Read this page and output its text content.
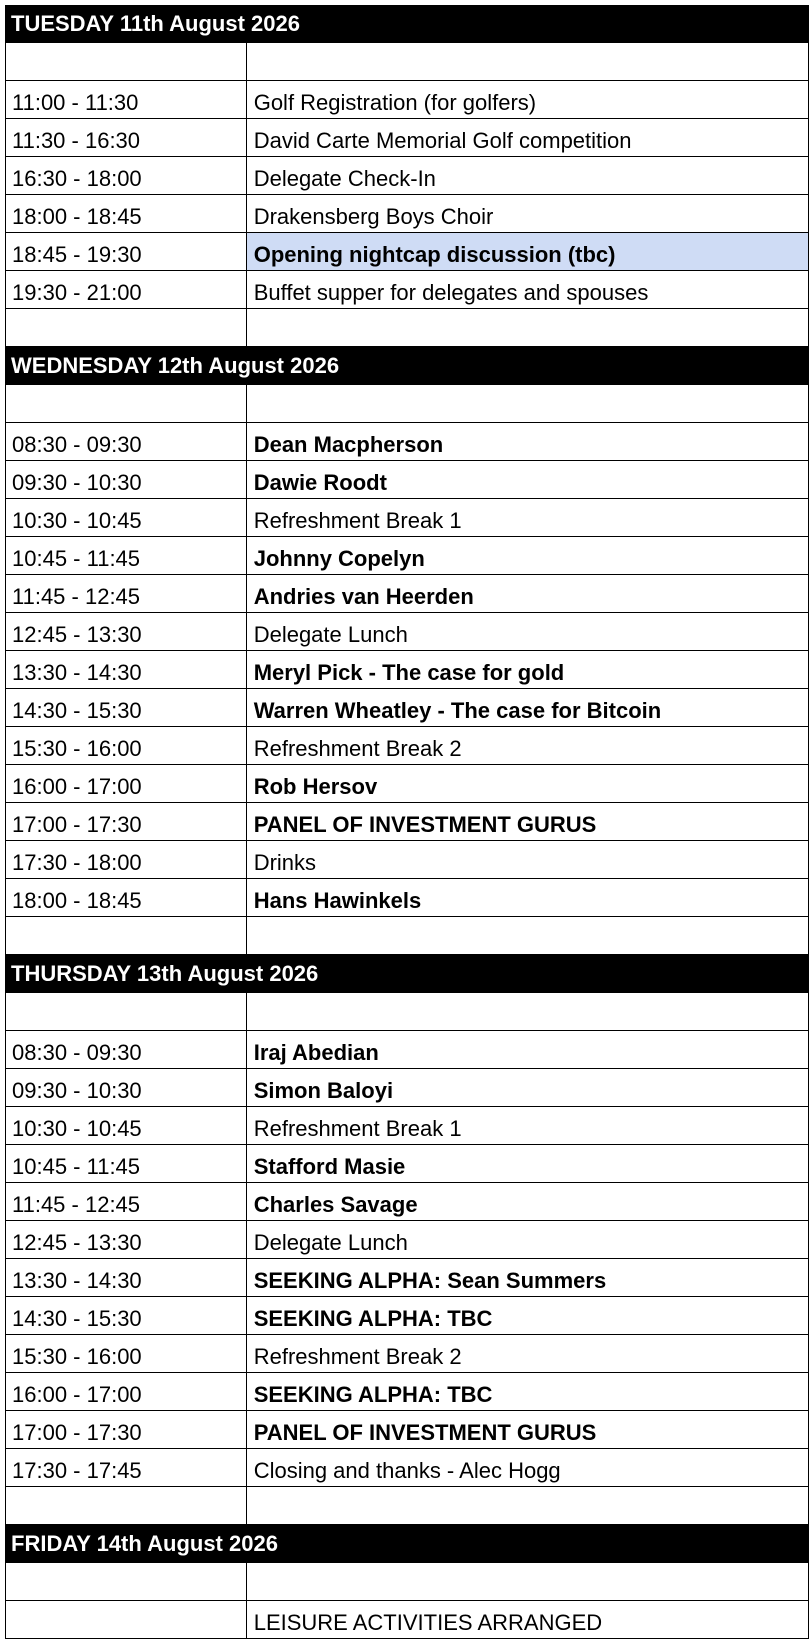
TUESDAY 11th August 2026
11:00 - 11:30	Golf Registration (for golfers)
11:30 - 16:30	David Carte Memorial Golf competition
16:30 - 18:00	Delegate Check-In
18:00 - 18:45	Drakensberg Boys Choir
18:45 - 19:30	Opening nightcap discussion (tbc)
19:30 - 21:00	Buffet supper for delegates and spouses
WEDNESDAY 12th August 2026
08:30 - 09:30	Dean Macpherson
09:30 - 10:30	Dawie Roodt
10:30 - 10:45	Refreshment Break 1
10:45 - 11:45	Johnny Copelyn
11:45 - 12:45	Andries van Heerden
12:45 - 13:30	Delegate Lunch
13:30 - 14:30	Meryl Pick - The case for gold
14:30 - 15:30	Warren Wheatley - The case for Bitcoin
15:30 - 16:00	Refreshment Break 2
16:00 - 17:00	Rob Hersov
17:00 - 17:30	PANEL OF INVESTMENT GURUS
17:30 - 18:00	Drinks
18:00 - 18:45	Hans Hawinkels
THURSDAY 13th August 2026
08:30 - 09:30	Iraj Abedian
09:30 - 10:30	Simon Baloyi
10:30 - 10:45	Refreshment Break 1
10:45 - 11:45	Stafford Masie
11:45 - 12:45	Charles Savage
12:45 - 13:30	Delegate Lunch
13:30 - 14:30	SEEKING ALPHA: Sean Summers
14:30 - 15:30	SEEKING ALPHA: TBC
15:30 - 16:00	Refreshment Break 2
16:00 - 17:00	SEEKING ALPHA: TBC
17:00 - 17:30	PANEL OF INVESTMENT GURUS
17:30 - 17:45	Closing and thanks - Alec Hogg
FRIDAY 14th August 2026
LEISURE ACTIVITIES ARRANGED
